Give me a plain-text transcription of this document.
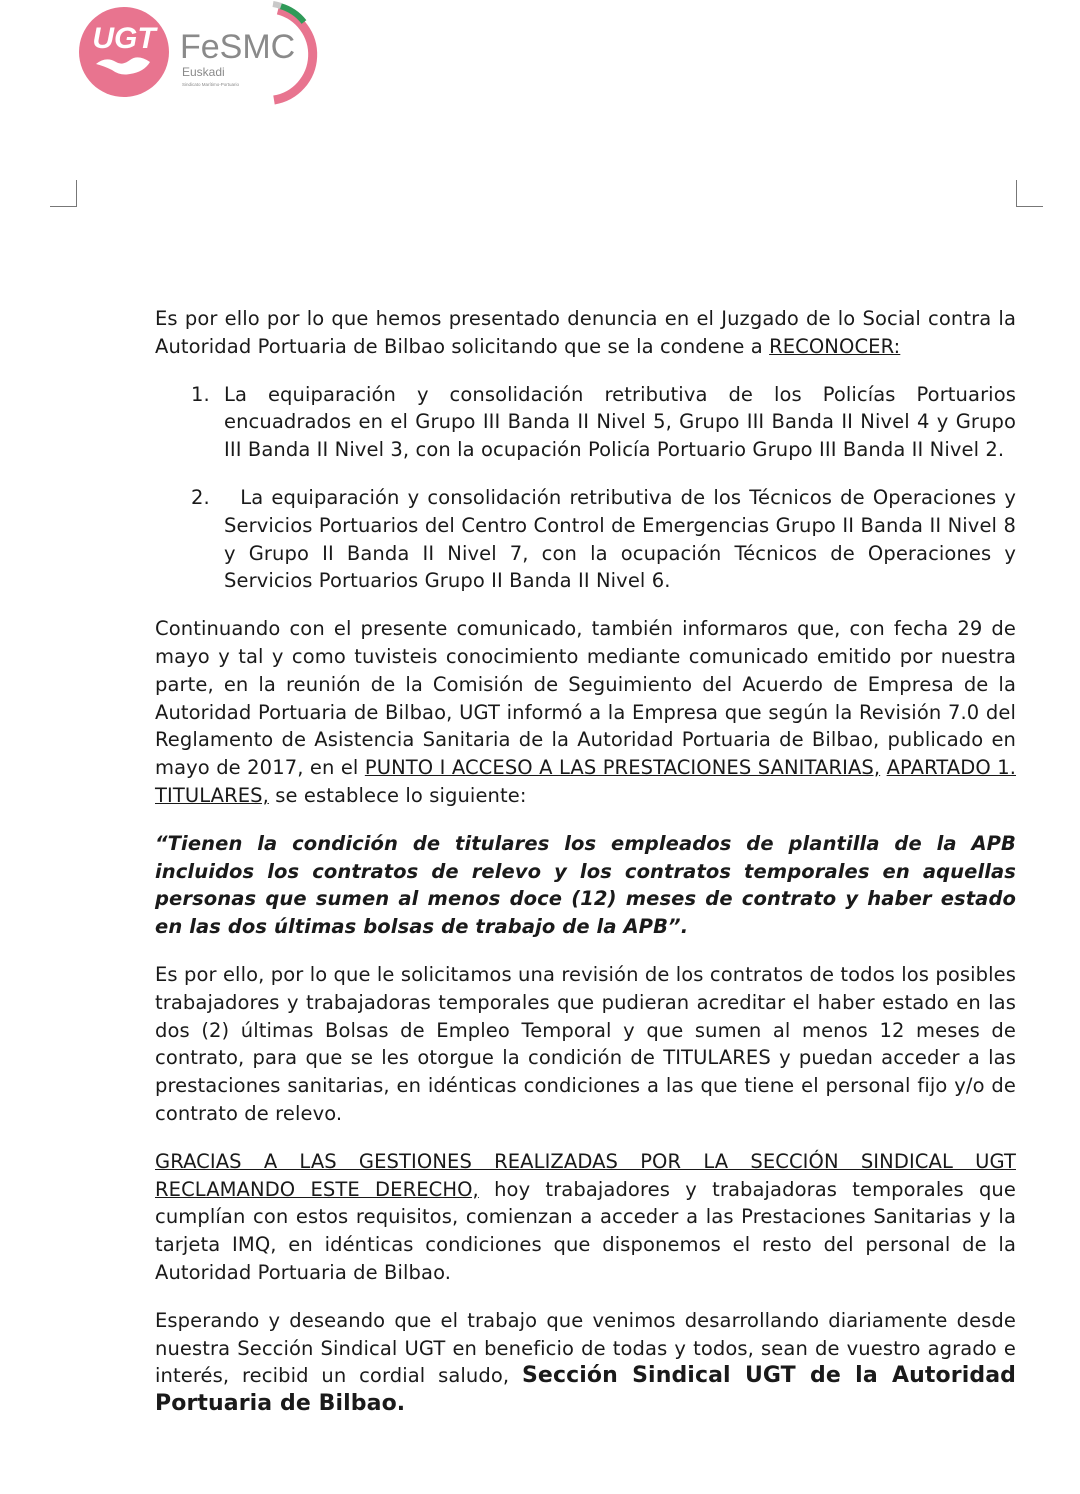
UGT FeSMC
Euskadi
Sindicato Marítimo-Portuario

Es por ello por lo que hemos presentado denuncia en el Juzgado de lo Social contra la Autoridad Portuaria de Bilbao solicitando que se la condene a RECONOCER:

1. La equiparación y consolidación retributiva de los Policías Portuarios encuadrados en el Grupo III Banda II Nivel 5, Grupo III Banda II Nivel 4 y Grupo III Banda II Nivel 3, con la ocupación Policía Portuario Grupo III Banda II Nivel 2.
2. La equiparación y consolidación retributiva de los Técnicos de Operaciones y Servicios Portuarios del Centro Control de Emergencias Grupo II Banda II Nivel 8 y Grupo II Banda II Nivel 7, con la ocupación Técnicos de Operaciones y Servicios Portuarios Grupo II Banda II Nivel 6.

Continuando con el presente comunicado, también informaros que, con fecha 29 de mayo y tal y como tuvisteis conocimiento mediante comunicado emitido por nuestra parte, en la reunión de la Comisión de Seguimiento del Acuerdo de Empresa de la Autoridad Portuaria de Bilbao, UGT informó a la Empresa que según la Revisión 7.0 del Reglamento de Asistencia Sanitaria de la Autoridad Portuaria de Bilbao, publicado en mayo de 2017, en el PUNTO I ACCESO A LAS PRESTACIONES SANITARIAS, APARTADO 1. TITULARES, se establece lo siguiente:

“Tienen la condición de titulares los empleados de plantilla de la APB incluidos los contratos de relevo y los contratos temporales en aquellas personas que sumen al menos doce (12) meses de contrato y haber estado en las dos últimas bolsas de trabajo de la APB”.

Es por ello, por lo que le solicitamos una revisión de los contratos de todos los posibles trabajadores y trabajadoras temporales que pudieran acreditar el haber estado en las dos (2) últimas Bolsas de Empleo Temporal y que sumen al menos 12 meses de contrato, para que se les otorgue la condición de TITULARES y puedan acceder a las prestaciones sanitarias, en idénticas condiciones a las que tiene el personal fijo y/o de contrato de relevo.

GRACIAS A LAS GESTIONES REALIZADAS POR LA SECCIÓN SINDICAL UGT RECLAMANDO ESTE DERECHO, hoy trabajadores y trabajadoras temporales que cumplían con estos requisitos, comienzan a acceder a las Prestaciones Sanitarias y la tarjeta IMQ, en idénticas condiciones que disponemos el resto del personal de la Autoridad Portuaria de Bilbao.

Esperando y deseando que el trabajo que venimos desarrollando diariamente desde nuestra Sección Sindical UGT en beneficio de todas y todos, sean de vuestro agrado e interés, recibid un cordial saludo, Sección Sindical UGT de la Autoridad Portuaria de Bilbao.
